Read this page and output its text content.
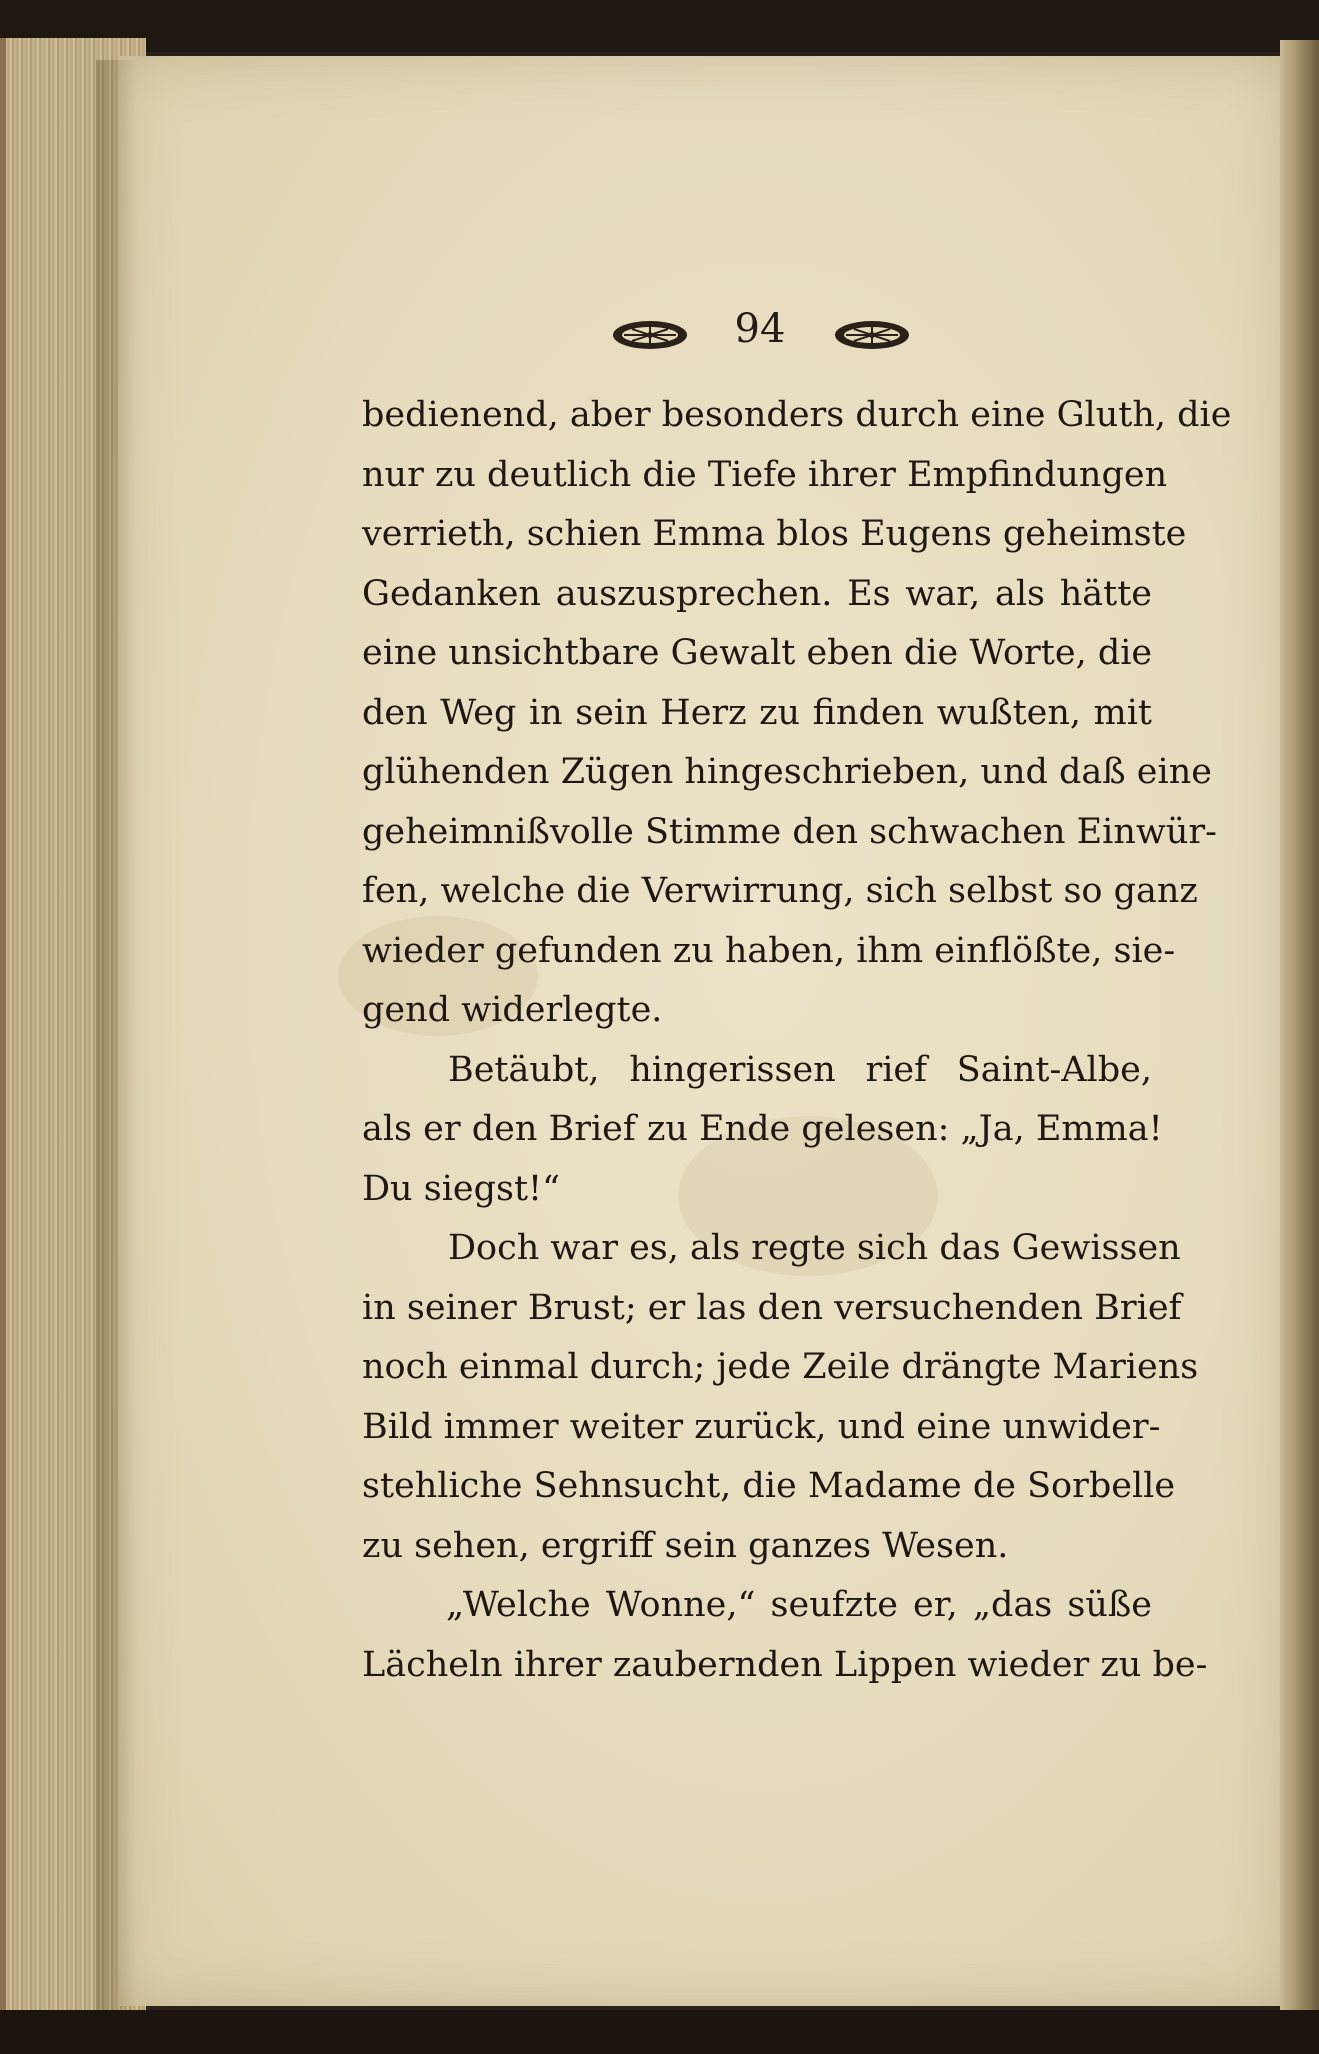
94
bedienend, aber besonders durch eine Gluth, die
nur zu deutlich die Tiefe ihrer Empfindungen
verrieth, schien Emma blos Eugens geheimste
Gedanken auszusprechen. Es war, als hätte
eine unsichtbare Gewalt eben die Worte, die
den Weg in sein Herz zu finden wußten, mit
glühenden Zügen hingeschrieben, und daß eine
geheimnißvolle Stimme den schwachen Einwür-
fen, welche die Verwirrung, sich selbst so ganz
wieder gefunden zu haben, ihm einflößte, sie-
gend widerlegte.
Betäubt, hingerissen rief Saint-Albe,
als er den Brief zu Ende gelesen: „Ja, Emma!
Du siegst!“
Doch war es, als regte sich das Gewissen
in seiner Brust; er las den versuchenden Brief
noch einmal durch; jede Zeile drängte Mariens
Bild immer weiter zurück, und eine unwider-
stehliche Sehnsucht, die Madame de Sorbelle
zu sehen, ergriff sein ganzes Wesen.
„Welche Wonne,“ seufzte er, „das süße
Lächeln ihrer zaubernden Lippen wieder zu be-
